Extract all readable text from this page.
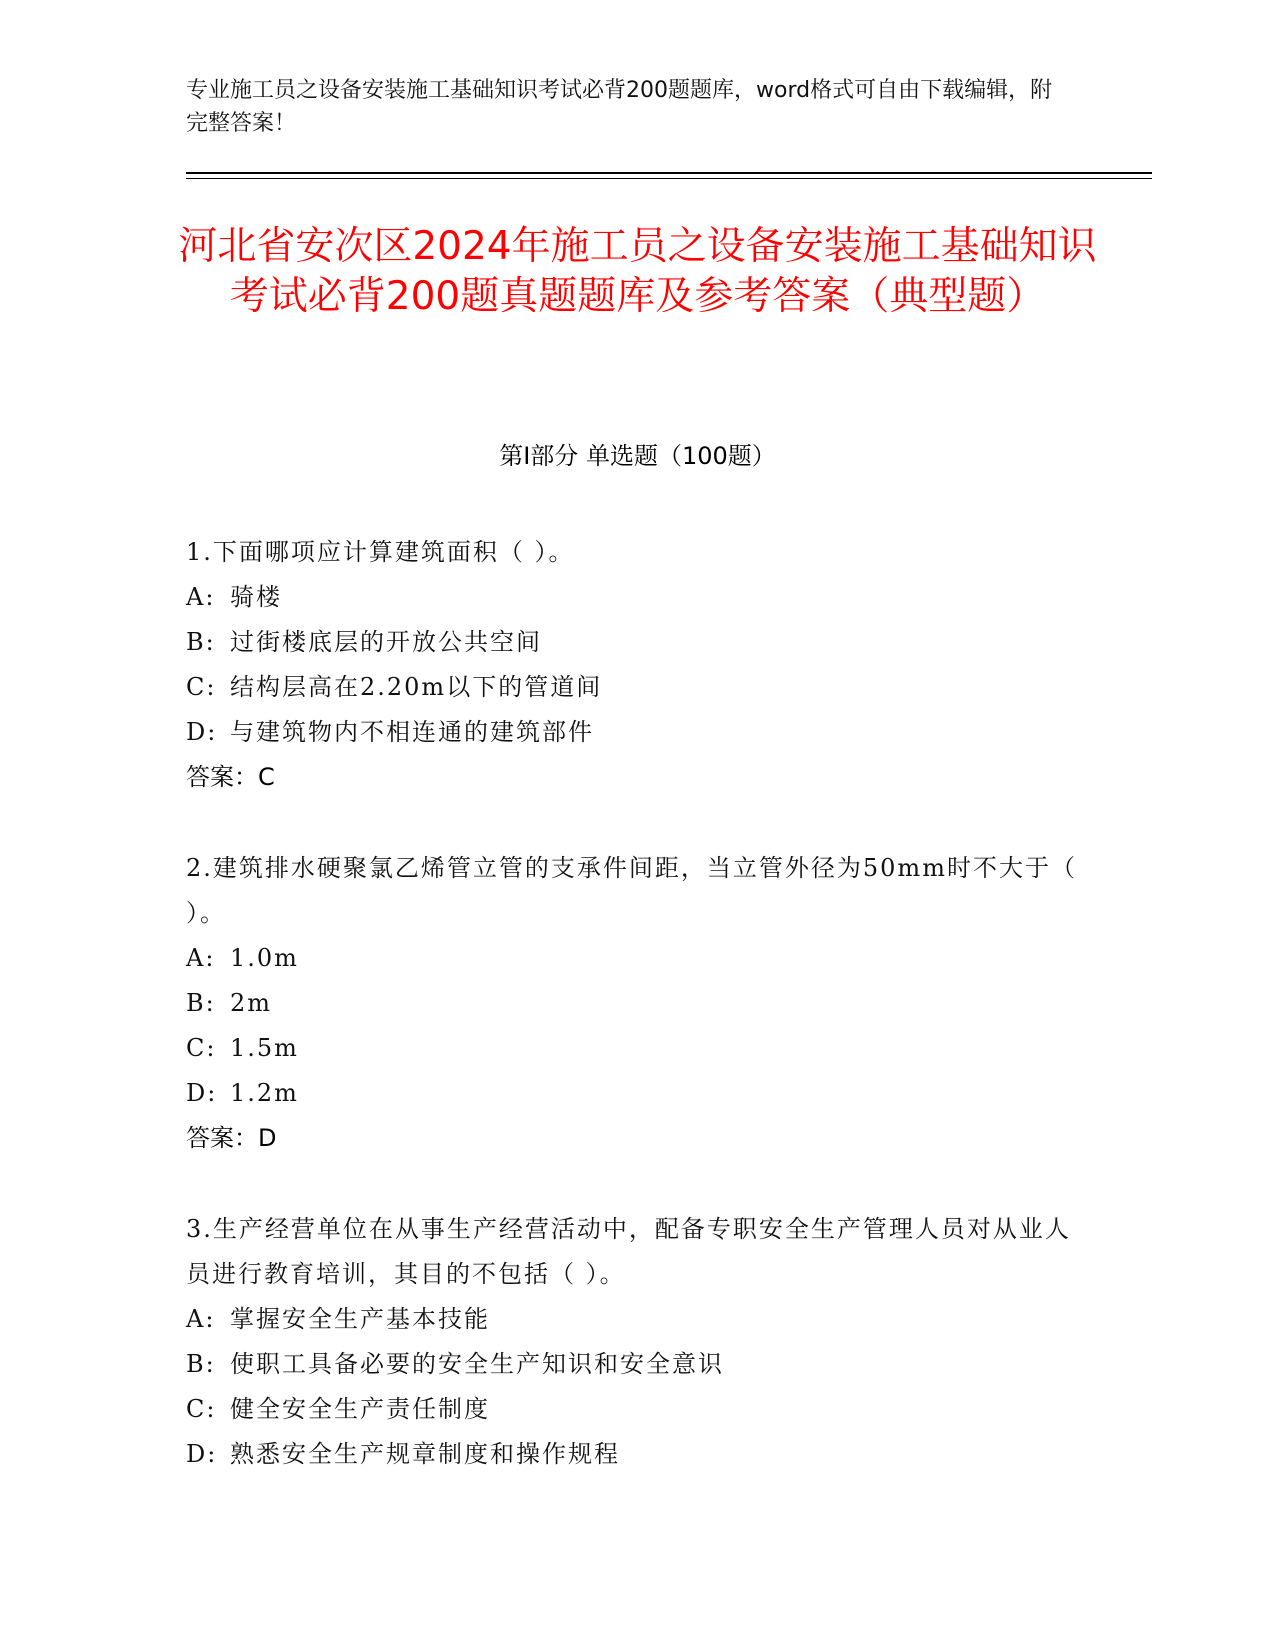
专业施工员之设备安装施工基础知识考试必背200题题库，word格式可自由下载编辑，附完整答案！
河北省安次区2024年施工员之设备安装施工基础知识考试必背200题真题题库及参考答案（典型题）
第Ⅰ部分 单选题（100题）
1.下面哪项应计算建筑面积（ ）。
A: 骑楼
B: 过街楼底层的开放公共空间
C: 结构层高在2.20m以下的管道间
D: 与建筑物内不相连通的建筑部件
答案：C
2.建筑排水硬聚氯乙烯管立管的支承件间距，当立管外径为50mm时不大于（ ）。
A: 1.0m
B: 2m
C: 1.5m
D: 1.2m
答案：D
3.生产经营单位在从事生产经营活动中，配备专职安全生产管理人员对从业人员进行教育培训，其目的不包括（ ）。
A: 掌握安全生产基本技能
B: 使职工具备必要的安全生产知识和安全意识
C: 健全安全生产责任制度
D: 熟悉安全生产规章制度和操作规程
